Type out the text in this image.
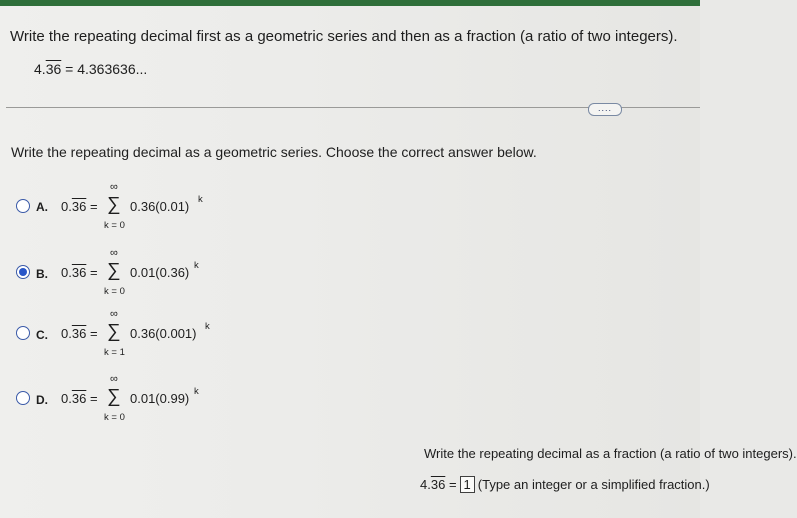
Write the repeating decimal first as a geometric series and then as a fraction (a ratio of two integers).
4.36 = 4.363636...
....
Write the repeating decimal as a geometric series. Choose the correct answer below.
A. 0.36 =
∞
∑
k = 0
0.36(0.01) k
B. 0.36 =
∞
∑
k = 0
0.01(0.36) k
C. 0.36 =
∞
∑
k = 1
0.36(0.001) k
D. 0.36 =
∞
∑
k = 0
0.01(0.99) k
Write the repeating decimal as a fraction (a ratio of two integers).
4.36 = 1 (Type an integer or a simplified fraction.)
